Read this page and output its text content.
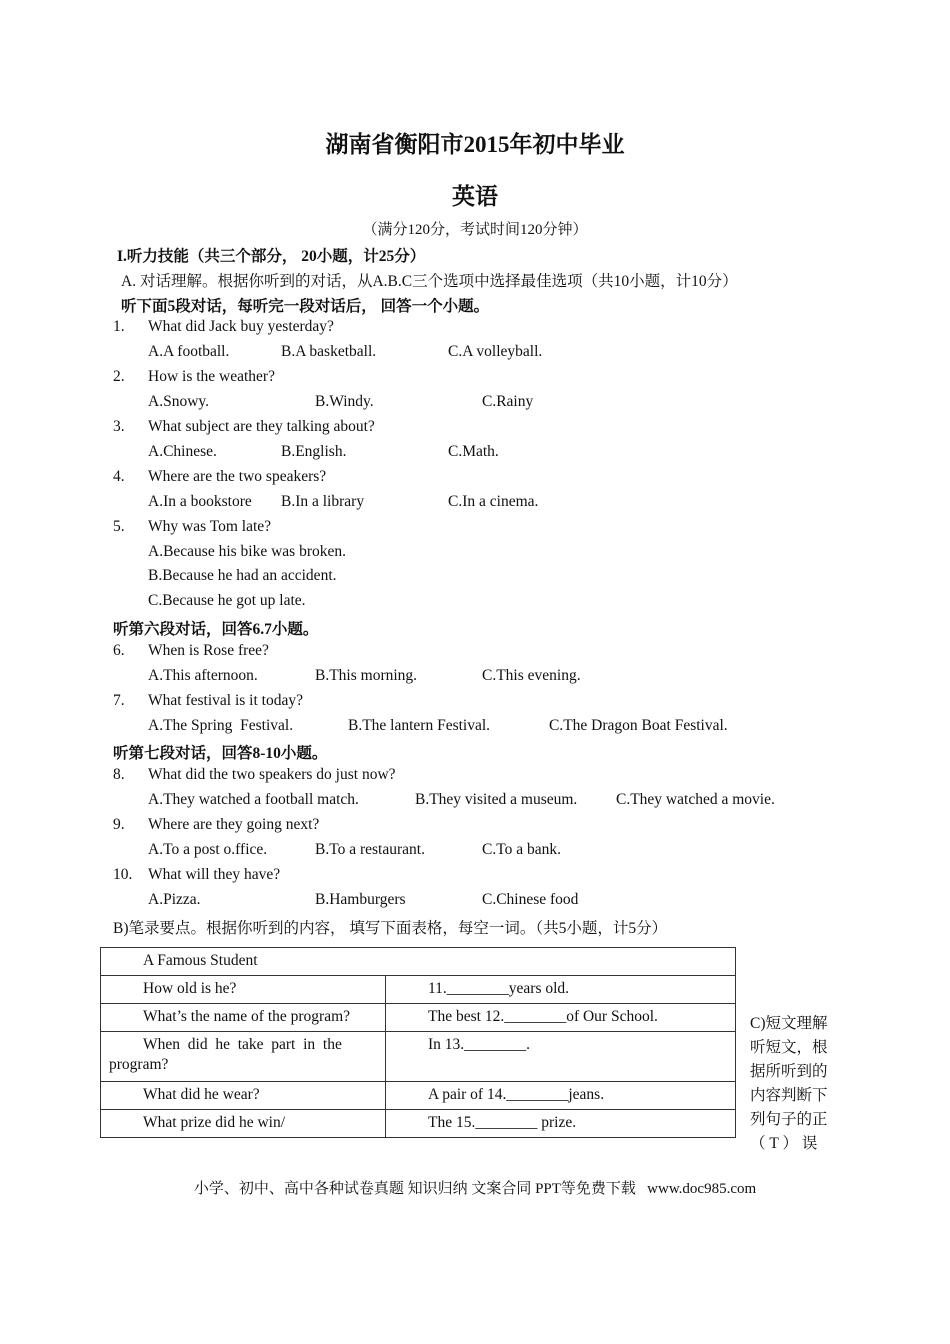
湖南省衡阳市2015年初中毕业
英语
（满分120分，考试时间120分钟）
I.听力技能（共三个部分， 20小题，计25分）
A. 对话理解。根据你听到的对话，从A.B.C三个选项中选择最佳选项（共10小题，计10分）
听下面5段对话，每听完一段对话后， 回答一个小题。
1. What did Jack buy yesterday?
A.A football.	B.A basketball.	C.A volleyball.
2. How is the weather?
A.Snowy.	B.Windy.	C.Rainy
3. What subject are they talking about?
A.Chinese.	B.English.	C.Math.
4. Where are the two speakers?
A.In a bookstore B.In a library	C.In a cinema.
5. Why was Tom late?
A.Because his bike was broken.
B.Because he had an accident.
C.Because he got up late.
听第六段对话，回答6.7小题。
6. When is Rose free?
A.This afternoon.	B.This morning.	C.This evening.
7. What festival is it today?
A.The Spring  Festival.	B.The lantern Festival.	C.The Dragon Boat Festival.
听第七段对话，回答8-10小题。
8. What did the two speakers do just now?
A.They watched a football match.	B.They visited a museum. C.They watched a movie.
9. Where are they going next?
A.To a post o.ffice.	B.To a restaurant.	C.To a bank.
10. What will they have?
A.Pizza.	B.Hamburgers	C.Chinese food
B)笔录要点。根据你听到的内容， 填写下面表格，每空一词。（共5小题，计5分）
A Famous Student	

How old is he?	11.________years old.

What’s the name of the program?	The best 12.________of Our School.

When  did  he  take  part  in  the
program?	In 13.________.

What did he wear?	A pair of 14.________jeans.

What prize did he win/	The 15.________ prize.
C)短文理解
听短文，根
据所听到的
内容判断下
列句子的正
（ T ） 误
小学、初中、高中各种试卷真题 知识归纳 文案合同 PPT等免费下载   www.doc985.com
